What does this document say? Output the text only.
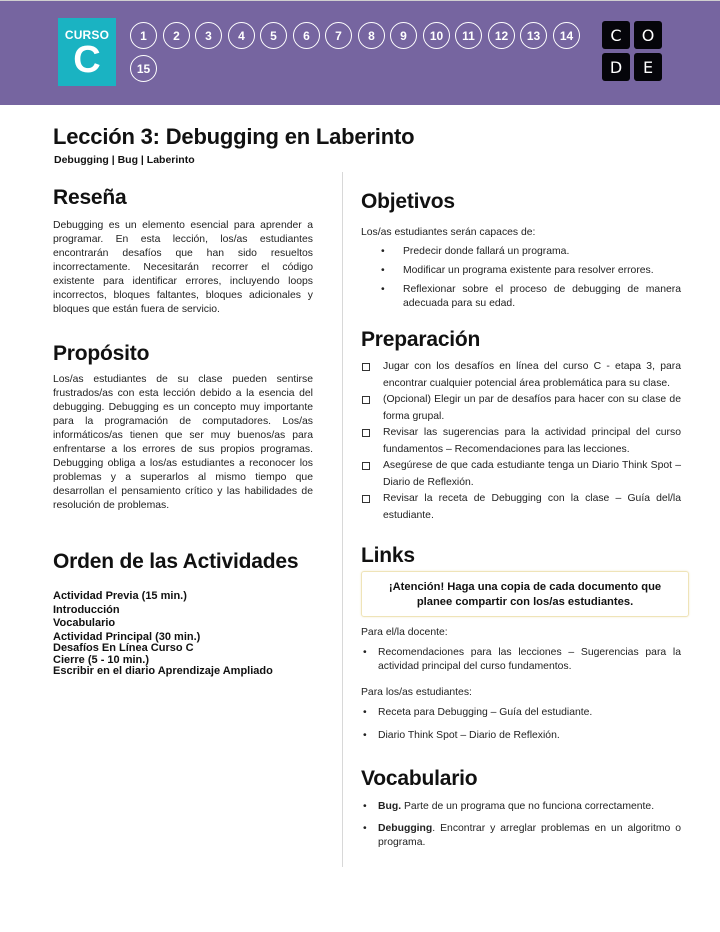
CURSO
C
1	2	3	4	5	6	7	8	9	10	11	12	13	14
15
C	O
D	E
Lección 3: Debugging en Laberinto
Debugging | Bug | Laberinto
Reseña

Debugging es un elemento esencial para aprender a programar. En esta lección, los/as estudiantes encontrarán desafíos que han sido resueltos incorrectamente. Necesitarán recorrer el código existente para identificar errores, incluyendo loops incorrectos, bloques faltantes, bloques adicionales y bloques que están fuera de servicio.

Propósito

Los/as estudiantes de su clase pueden sentirse frustrados/as con esta lección debido a la esencia del debugging. Debugging es un concepto muy importante para la programación de computadores. Los/as informáticos/as tienen que ser muy buenos/as para enfrentarse a los errores de sus propios programas. Debugging obliga a los/as estudiantes a reconocer los problemas y a superarlos al mismo tiempo que desarrollan el pensamiento crítico y las habilidades de resolución de problemas.

Orden de las Actividades
Actividad Previa (15 min.)
Introducción
Vocabulario
Actividad Principal (30 min.)
Desafíos En Línea Curso C
Cierre (5 - 10 min.)
Escribir en el diario Aprendizaje Ampliado
Objetivos

Los/as estudiantes serán capaces de:

• Predecir donde fallará un programa.
• Modificar un programa existente para resolver errores.
• Reflexionar sobre el proceso de debugging de manera adecuada para su edad.
Preparación
Jugar con los desafíos en línea del curso C - etapa 3, para encontrar cualquier potencial área problemática para su clase.
(Opcional) Elegir un par de desafíos para hacer con su clase de forma grupal.
Revisar las sugerencias para la actividad principal del curso fundamentos – Recomendaciones para las lecciones.
Asegúrese de que cada estudiante tenga un Diario Think Spot – Diario de Reflexión.
Revisar la receta de Debugging con la clase – Guía del/la estudiante.
Links
¡Atención! Haga una copia de cada documento que
planee compartir con los/as estudiantes.

Para el/la docente:

• Recomendaciones para las lecciones – Sugerencias para la actividad principal del curso fundamentos.

Para los/as estudiantes:

• Receta para Debugging – Guía del estudiante.
• Diario Think Spot – Diario de Reflexión.
Vocabulario
• Bug. Parte de un programa que no funciona correctamente.
• Debugging. Encontrar y arreglar problemas en un algoritmo o programa.
